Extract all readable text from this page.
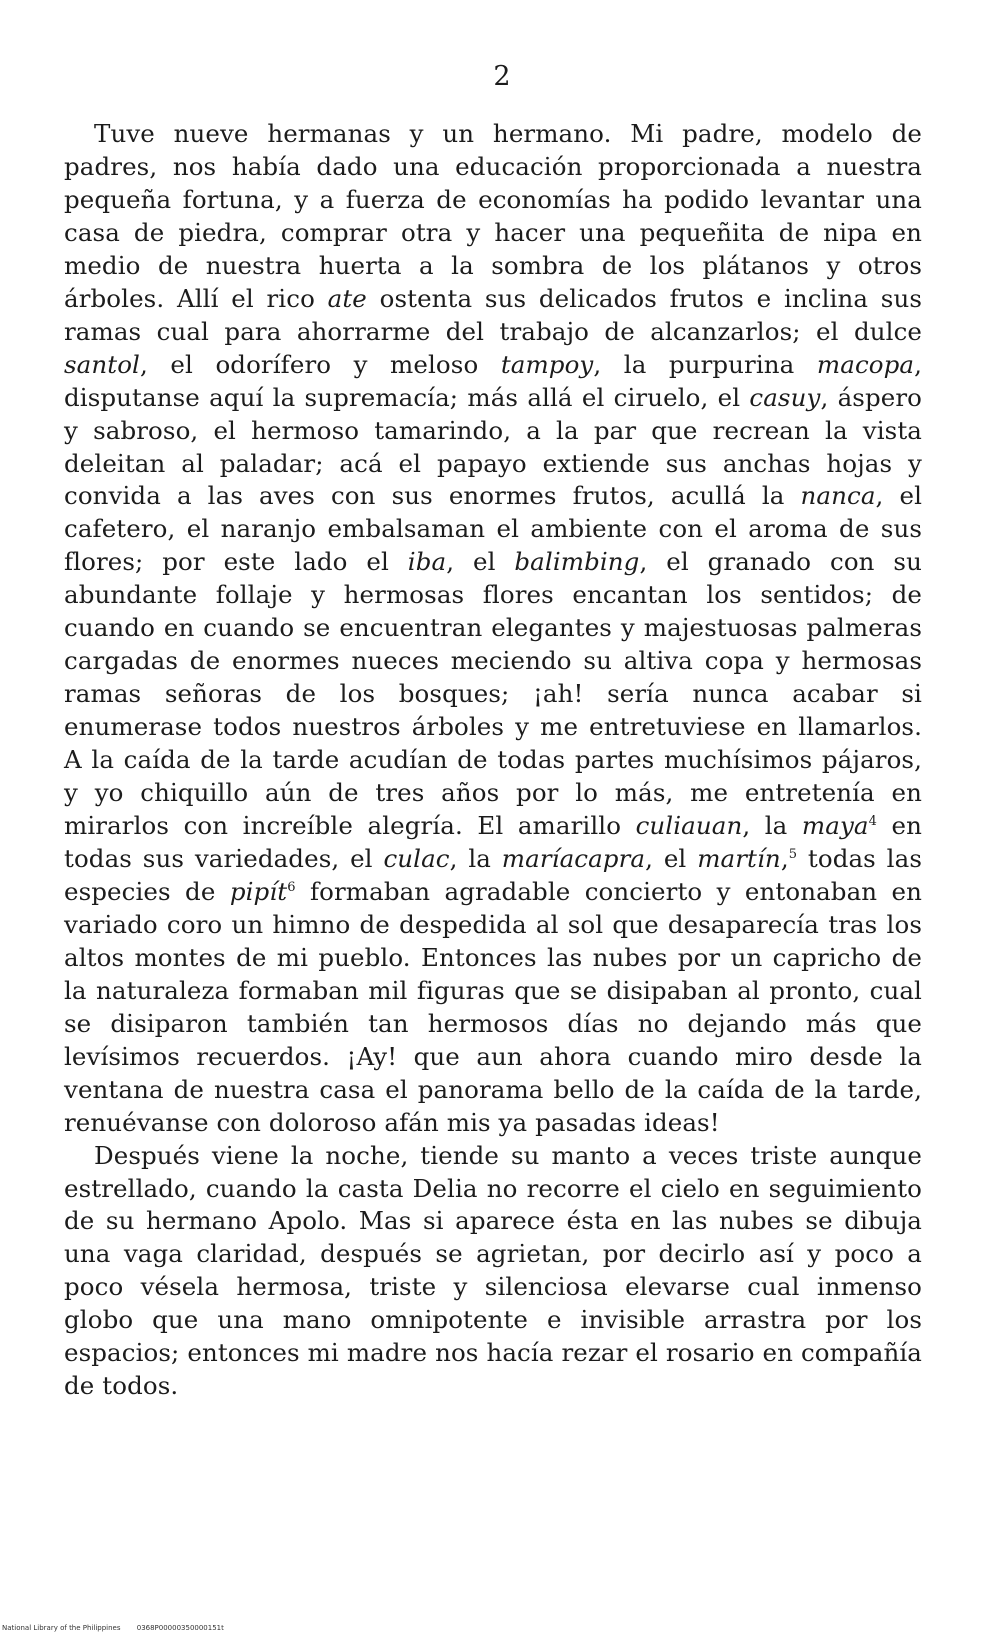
2

Tuve nueve hermanas y un hermano. Mi padre, modelo de padres, nos había dado una educación proporcionada a nuestra pequeña fortuna, y a fuerza de economías ha podido levantar una casa de piedra, comprar otra y hacer una pequeñita de nipa en medio de nuestra huerta a la sombra de los plátanos y otros árboles. Allí el rico ate ostenta sus delicados frutos e inclina sus ramas cual para ahorrarme del trabajo de alcanzarlos; el dulce santol, el odorífero y meloso tampoy, la purpurina macopa, disputanse aquí la supremacía; más allá el ciruelo, el casuy, áspero y sabroso, el hermoso tamarindo, a la par que recrean la vista deleitan al paladar; acá el papayo extiende sus anchas hojas y convida a las aves con sus enormes frutos, acullá la nanca, el cafetero, el naranjo embalsaman el ambiente con el aroma de sus flores; por este lado el iba, el balimbing, el granado con su abundante follaje y hermosas flores encantan los sentidos; de cuando en cuando se encuentran elegantes y majestuosas palmeras cargadas de enormes nueces meciendo su altiva copa y hermosas ramas señoras de los bosques; ¡ah! sería nunca acabar si enumerase todos nuestros árboles y me entretuviese en llamarlos. A la caída de la tarde acudían de todas partes muchísimos pájaros, y yo chiquillo aún de tres años por lo más, me entretenía en mirarlos con increíble alegría. El amarillo culiauan, la maya$^4$ en todas sus variedades, el culac, la maríacapra, el martín,$^5$ todas las especies de pipít$^6$ formaban agradable concierto y entonaban en variado coro un himno de despedida al sol que desaparecía tras los altos montes de mi pueblo. Entonces las nubes por un capricho de la naturaleza formaban mil figuras que se disipaban al pronto, cual se disiparon también tan hermosos días no dejando más que levísimos recuerdos. ¡Ay! que aun ahora cuando miro desde la ventana de nuestra casa el panorama bello de la caída de la tarde, renuévanse con doloroso afán mis ya pasadas ideas!

Después viene la noche, tiende su manto a veces triste aunque estrellado, cuando la casta Delia no recorre el cielo en seguimiento de su hermano Apolo. Mas si aparece ésta en las nubes se dibuja una vaga claridad, después se agrietan, por decirlo así y poco a poco vésela hermosa, triste y silenciosa elevarse cual inmenso globo que una mano omnipotente e invisible arrastra por los espacios; entonces mi madre nos hacía rezar el rosario en compañía de todos.

National Library of the Philippines 0368P00000350000151t
